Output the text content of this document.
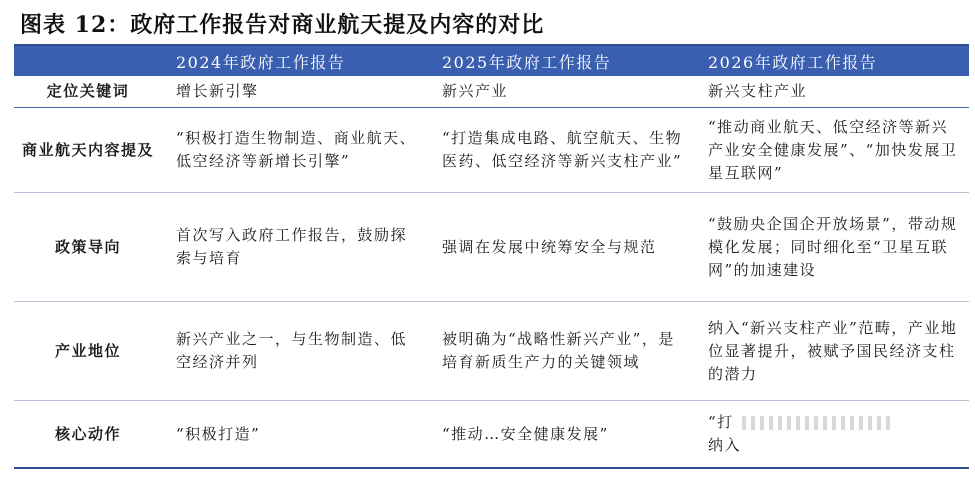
图表 12：政府工作报告对商业航天提及内容的对比
	2024年政府工作报告	2025年政府工作报告	2026年政府工作报告
定位关键词	增长新引擎	新兴产业	新兴支柱产业
商业航天内容提及	“积极打造生物制造、商业航天、低空经济等新增长引擎”	“打造集成电路、航空航天、生物医药、低空经济等新兴支柱产业”	“推动商业航天、低空经济等新兴产业安全健康发展”、“加快发展卫星互联网”
政策导向	首次写入政府工作报告，鼓励探索与培育	强调在发展中统筹安全与规范	“鼓励央企国企开放场景”，带动规模化发展；同时细化至“卫星互联网”的加速建设
产业地位	新兴产业之一，与生物制造、低空经济并列	被明确为“战略性新兴产业”，是培育新质生产力的关键领域	纳入“新兴支柱产业”范畴，产业地位显著提升，被赋予国民经济支柱的潜力
核心动作	“积极打造”	“推动…安全健康发展”	“打
纳入
